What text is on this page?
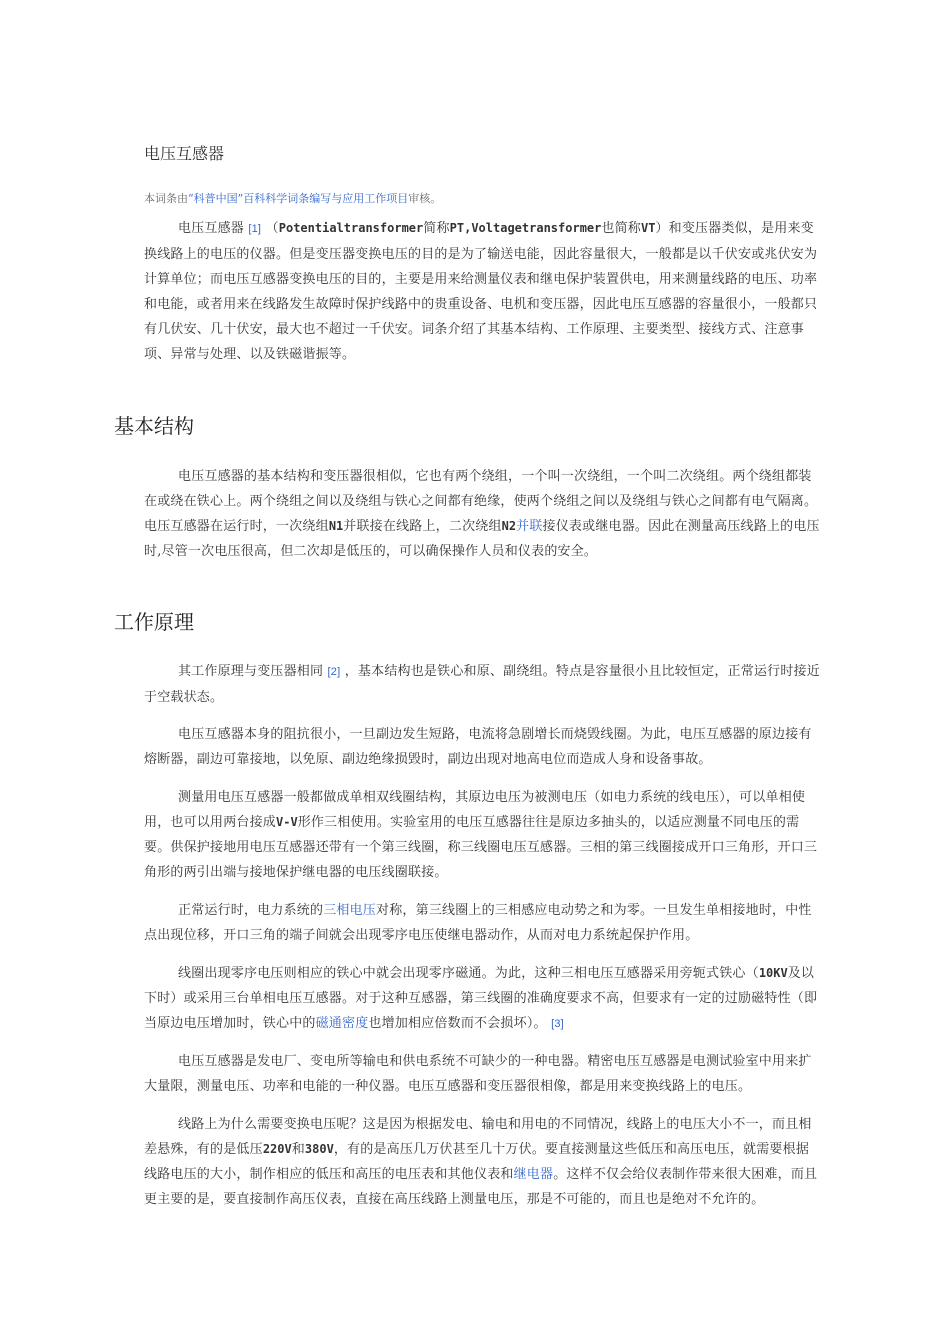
电压互感器
本词条由“科普中国”百科科学词条编写与应用工作项目审核。
电压互感器 [1] （Potentialtransformer简称PT,Voltagetransformer也简称VT）和变压器类似，是用来变换线路上的电压的仪器。但是变压器变换电压的目的是为了输送电能，因此容量很大，一般都是以千伏安或兆伏安为计算单位；而电压互感器变换电压的目的，主要是用来给测量仪表和继电保护装置供电，用来测量线路的电压、功率和电能，或者用来在线路发生故障时保护线路中的贵重设备、电机和变压器，因此电压互感器的容量很小，一般都只有几伏安、几十伏安，最大也不超过一千伏安。词条介绍了其基本结构、工作原理、主要类型、接线方式、注意事项、异常与处理、以及铁磁谐振等。
基本结构
电压互感器的基本结构和变压器很相似，它也有两个绕组，一个叫一次绕组，一个叫二次绕组。两个绕组都装在或绕在铁心上。两个绕组之间以及绕组与铁心之间都有绝缘，使两个绕组之间以及绕组与铁心之间都有电气隔离。电压互感器在运行时，一次绕组N1并联接在线路上，二次绕组N2并联接仪表或继电器。因此在测量高压线路上的电压时,尽管一次电压很高，但二次却是低压的，可以确保操作人员和仪表的安全。
工作原理
其工作原理与变压器相同 [2] ，基本结构也是铁心和原、副绕组。特点是容量很小且比较恒定，正常运行时接近于空载状态。
电压互感器本身的阻抗很小，一旦副边发生短路，电流将急剧增长而烧毁线圈。为此，电压互感器的原边接有熔断器，副边可靠接地，以免原、副边绝缘损毁时，副边出现对地高电位而造成人身和设备事故。
测量用电压互感器一般都做成单相双线圈结构，其原边电压为被测电压（如电力系统的线电压），可以单相使用，也可以用两台接成V-V形作三相使用。实验室用的电压互感器往往是原边多抽头的，以适应测量不同电压的需要。供保护接地用电压互感器还带有一个第三线圈，称三线圈电压互感器。三相的第三线圈接成开口三角形，开口三角形的两引出端与接地保护继电器的电压线圈联接。
正常运行时，电力系统的三相电压对称，第三线圈上的三相感应电动势之和为零。一旦发生单相接地时，中性点出现位移，开口三角的端子间就会出现零序电压使继电器动作，从而对电力系统起保护作用。
线圈出现零序电压则相应的铁心中就会出现零序磁通。为此，这种三相电压互感器采用旁轭式铁心（10KV及以下时）或采用三台单相电压互感器。对于这种互感器，第三线圈的准确度要求不高，但要求有一定的过励磁特性（即当原边电压增加时，铁心中的磁通密度也增加相应倍数而不会损坏）。 [3]
电压互感器是发电厂、变电所等输电和供电系统不可缺少的一种电器。精密电压互感器是电测试验室中用来扩大量限，测量电压、功率和电能的一种仪器。电压互感器和变压器很相像，都是用来变换线路上的电压。
线路上为什么需要变换电压呢？这是因为根据发电、输电和用电的不同情况，线路上的电压大小不一，而且相差悬殊，有的是低压220V和380V，有的是高压几万伏甚至几十万伏。要直接测量这些低压和高压电压，就需要根据线路电压的大小，制作相应的低压和高压的电压表和其他仪表和继电器。这样不仅会给仪表制作带来很大困难，而且更主要的是，要直接制作高压仪表，直接在高压线路上测量电压，那是不可能的，而且也是绝对不允许的。
